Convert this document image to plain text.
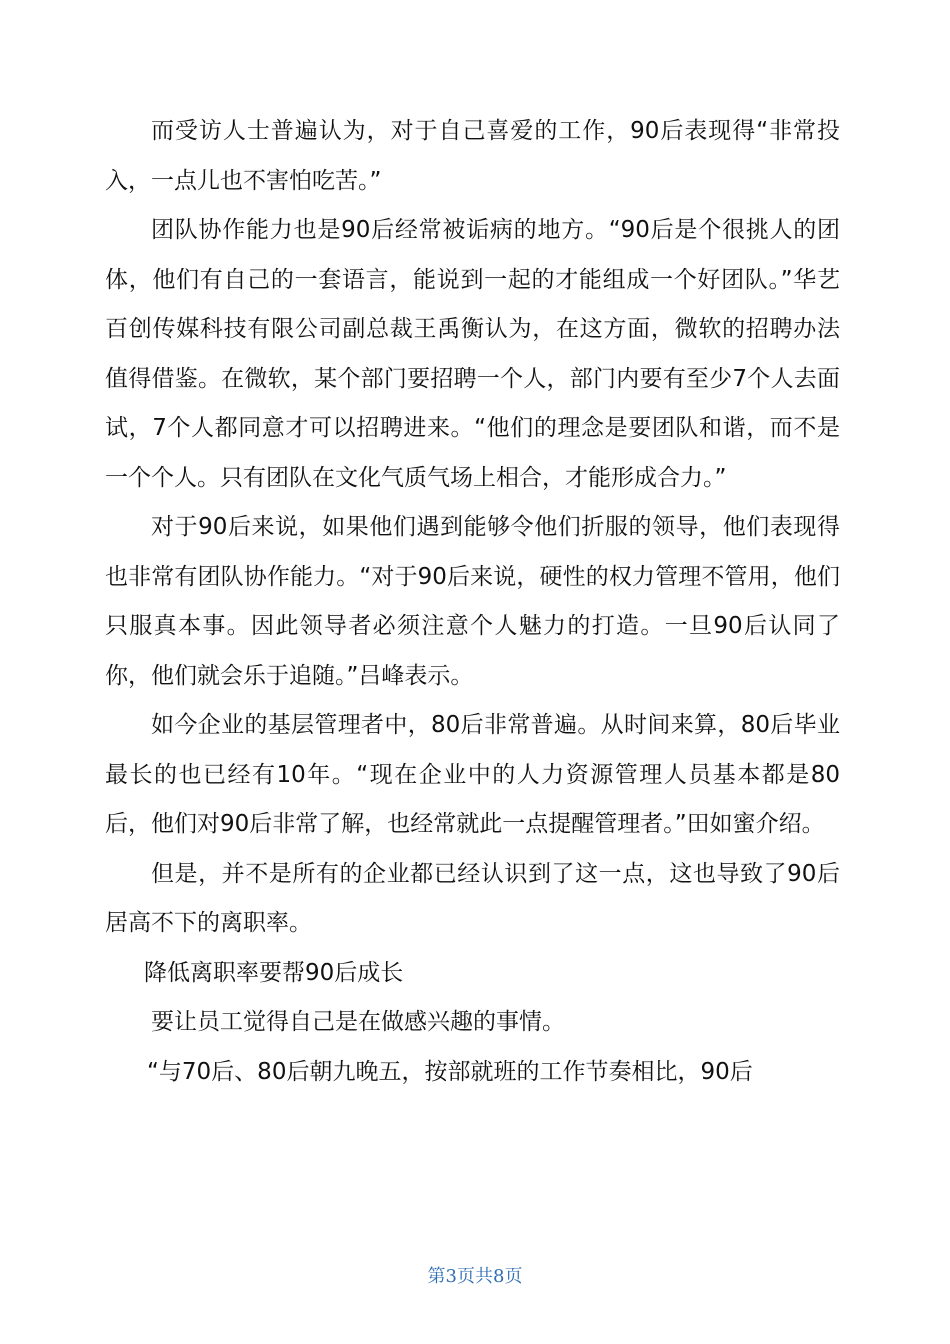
而受访人士普遍认为，对于自己喜爱的工作，90后表现得“非常投入，一点儿也不害怕吃苦。”

团队协作能力也是90后经常被诟病的地方。“90后是个很挑人的团体，他们有自己的一套语言，能说到一起的才能组成一个好团队。”华艺百创传媒科技有限公司副总裁王禹衡认为，在这方面，微软的招聘办法值得借鉴。在微软，某个部门要招聘一个人，部门内要有至少7个人去面试，7个人都同意才可以招聘进来。“他们的理念是要团队和谐，而不是一个个人。只有团队在文化气质气场上相合，才能形成合力。”

对于90后来说，如果他们遇到能够令他们折服的领导，他们表现得也非常有团队协作能力。“对于90后来说，硬性的权力管理不管用，他们只服真本事。因此领导者必须注意个人魅力的打造。一旦90后认同了你，他们就会乐于追随。”吕峰表示。

如今企业的基层管理者中，80后非常普遍。从时间来算，80后毕业最长的也已经有10年。“现在企业中的人力资源管理人员基本都是80后，他们对90后非常了解，也经常就此一点提醒管理者。”田如蜜介绍。

但是，并不是所有的企业都已经认识到了这一点，这也导致了90后居高不下的离职率。

降低离职率要帮90后成长

要让员工觉得自己是在做感兴趣的事情。

“与70后、80后朝九晚五，按部就班的工作节奏相比，90后

第3页共8页
